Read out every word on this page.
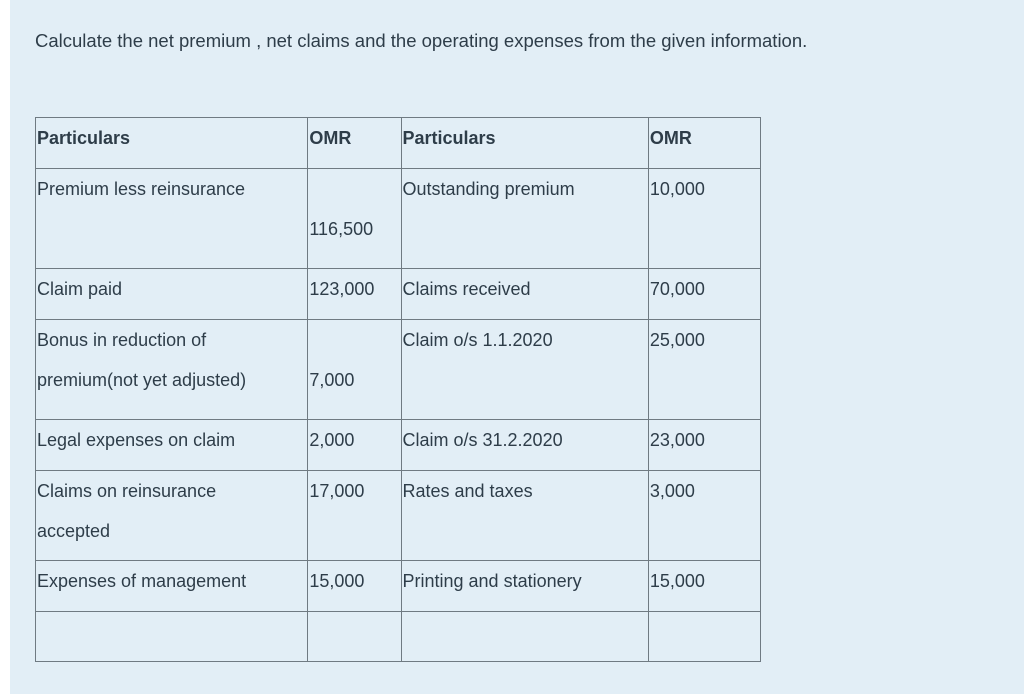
Calculate the net premium , net claims and the operating expenses from the given information.
Particulars	OMR	Particulars	OMR

Premium less reinsurance	116,500	Outstanding premium	10,000
Claim paid	123,000	Claims received	70,000

Bonus in reduction of
premium(not yet adjusted)	7,000	Claim o/s 1.1.2020	25,000
Legal expenses on claim	2,000	Claim o/s 31.2.2020	23,000

Claims on reinsurance
accepted	17,000	Rates and taxes	3,000
Expenses of management	15,000	Printing and stationery	15,000
